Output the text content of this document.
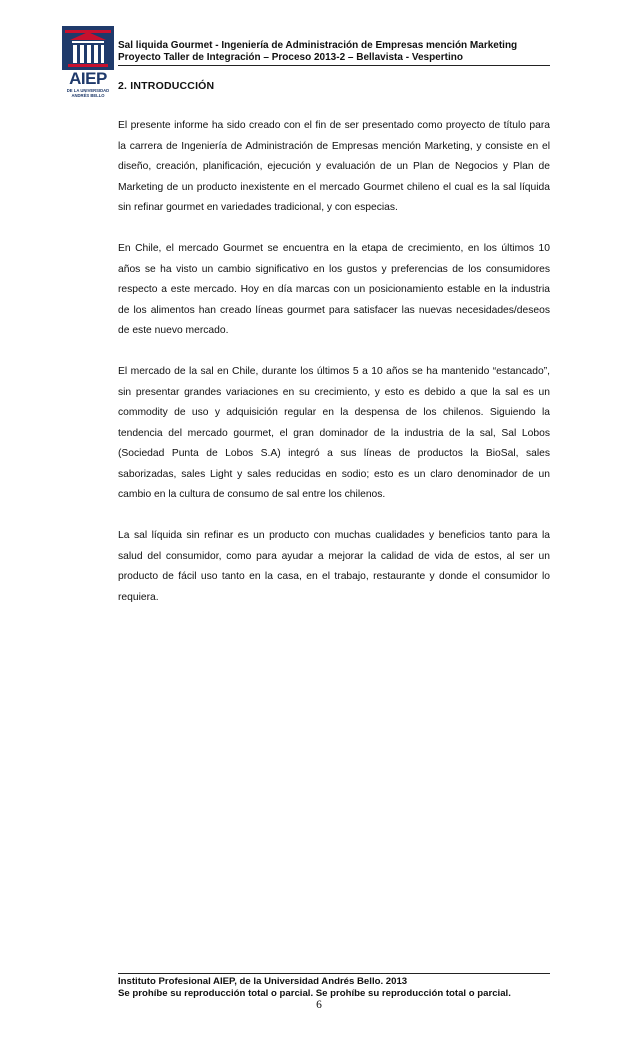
AIEP
DE LA UNIVERSIDAD
ANDRÉS BELLO
Sal liquida Gourmet - Ingeniería de Administración de Empresas mención Marketing
Proyecto Taller de Integración – Proceso 2013-2 – Bellavista - Vespertino
2. INTRODUCCIÓN

El presente informe ha sido creado con el fin de ser presentado como proyecto de título para la carrera de Ingeniería de Administración de Empresas mención Marketing, y consiste en el diseño, creación, planificación, ejecución y evaluación de un Plan de Negocios y Plan de Marketing de un producto inexistente en el mercado Gourmet chileno el cual es la sal líquida sin refinar gourmet en variedades tradicional, y con especias.

En Chile, el mercado Gourmet se encuentra en la etapa de crecimiento, en los últimos 10 años se ha visto un cambio significativo en los gustos y preferencias de los consumidores respecto a este mercado. Hoy en día marcas con un posicionamiento estable en la industria de los alimentos han creado líneas gourmet para satisfacer las nuevas necesidades/deseos de este nuevo mercado.

El mercado de la sal en Chile, durante los últimos 5 a 10 años se ha mantenido “estancado”, sin presentar grandes variaciones en su crecimiento, y esto es debido a que la sal es un commodity de uso y adquisición regular en la despensa de los chilenos. Siguiendo la tendencia del mercado gourmet, el gran dominador de la industria de la sal, Sal Lobos (Sociedad Punta de Lobos S.A) integró a sus líneas de productos la BioSal, sales saborizadas, sales Light y sales reducidas en sodio; esto es un claro denominador de un cambio en la cultura de consumo de sal entre los chilenos.

La sal líquida sin refinar es un producto con muchas cualidades y beneficios tanto para la salud del consumidor, como para ayudar a mejorar la calidad de vida de estos, al ser un producto de fácil uso tanto en la casa, en el trabajo, restaurante y donde el consumidor lo requiera.

Instituto Profesional AIEP, de la Universidad Andrés Bello. 2013
Se prohíbe su reproducción total o parcial. Se prohíbe su reproducción total o parcial.
6
